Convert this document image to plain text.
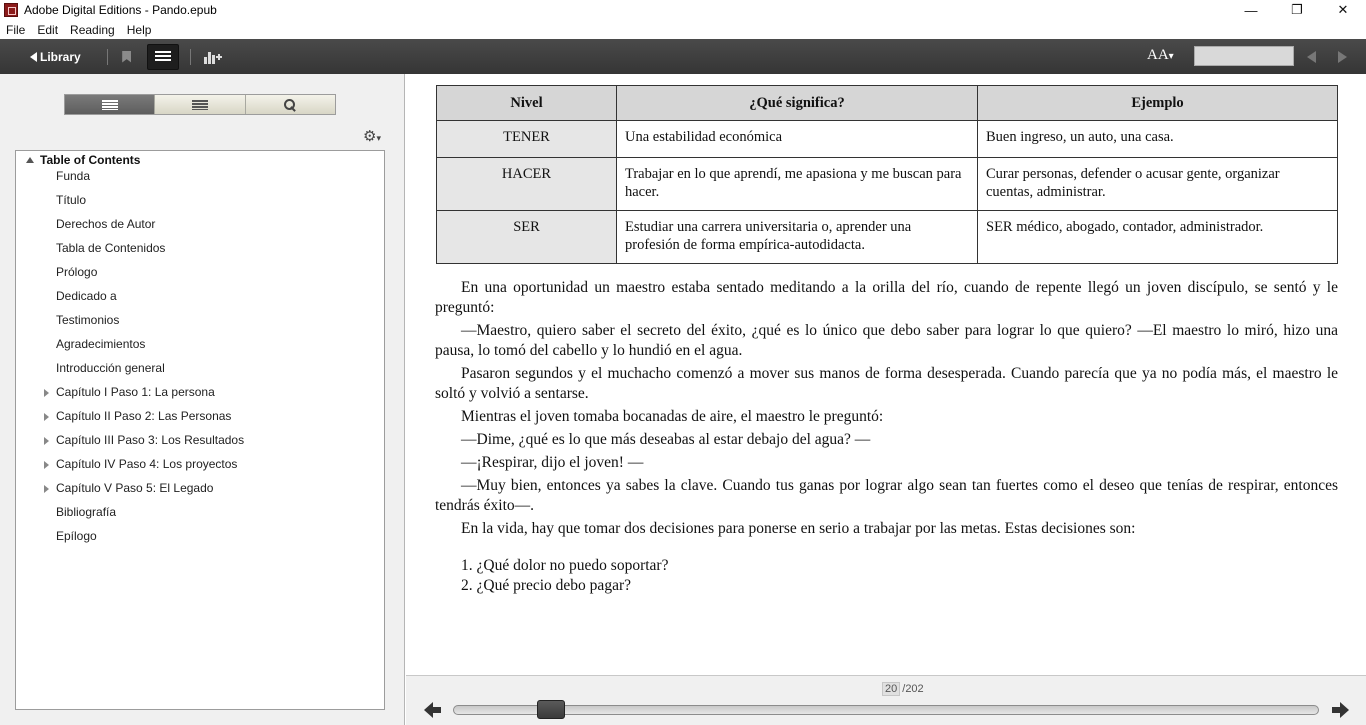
Adobe Digital Editions - Pando.epub	—	❐	✕
File Edit Reading Help
Library	AA▾
⚙▾
Table of Contents
Funda
Título
Derechos de Autor
Tabla de Contenidos
Prólogo
Dedicado a
Testimonios
Agradecimientos
Introducción general
Capítulo I Paso 1: La persona
Capítulo II Paso 2: Las Personas
Capítulo III Paso 3: Los Resultados
Capítulo IV Paso 4: Los proyectos
Capítulo V Paso 5: El Legado
Bibliografía
Epílogo
Nivel	¿Qué significa?	Ejemplo
TENER	Una estabilidad económica	Buen ingreso, un auto, una casa.
HACER	Trabajar en lo que aprendí, me apasiona y me buscan para hacer.	Curar personas, defender o acusar gente, organizar cuentas, administrar.
SER	Estudiar una carrera universitaria o, aprender una profesión de forma empírica-autodidacta.	SER médico, abogado, contador, administrador.

En una oportunidad un maestro estaba sentado meditando a la orilla del río, cuando de repente llegó un joven discípulo, se sentó y le preguntó:

—Maestro, quiero saber el secreto del éxito, ¿qué es lo único que debo saber para lograr lo que quiero? —El maestro lo miró, hizo una pausa, lo tomó del cabello y lo hundió en el agua.

Pasaron segundos y el muchacho comenzó a mover sus manos de forma desesperada. Cuando parecía que ya no podía más, el maestro le soltó y volvió a sentarse.

Mientras el joven tomaba bocanadas de aire, el maestro le preguntó:

—Dime, ¿qué es lo que más deseabas al estar debajo del agua? —

—¡Respirar, dijo el joven! —

—Muy bien, entonces ya sabes la clave. Cuando tus ganas por lograr algo sean tan fuertes como el deseo que tenías de respirar, entonces tendrás éxito—.

En la vida, hay que tomar dos decisiones para ponerse en serio a trabajar por las metas. Estas decisiones son:

1. ¿Qué dolor no puedo soportar?
2. ¿Qué precio debo pagar?
20 / 202
